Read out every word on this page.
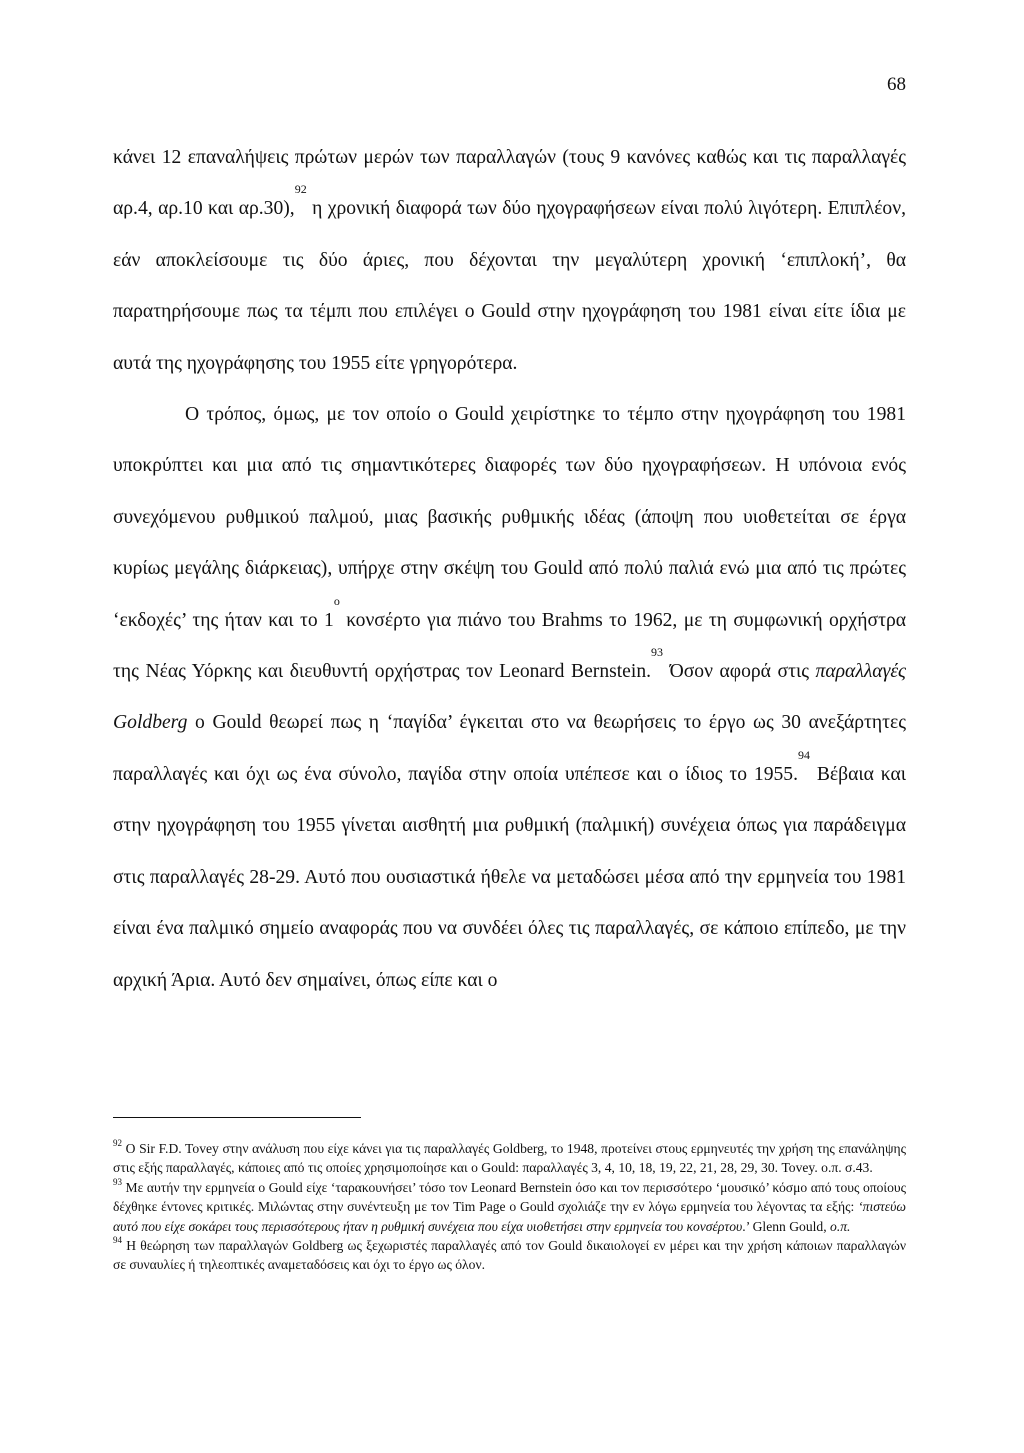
68

κάνει 12 επαναλήψεις πρώτων μερών των παραλλαγών (τους 9 κανόνες καθώς και τις παραλλαγές αρ.4, αρ.10 και αρ.30),$^{92}$ η χρονική διαφορά των δύο ηχογραφήσεων είναι πολύ λιγότερη. Επιπλέον, εάν αποκλείσουμε τις δύο άριες, που δέχονται την μεγαλύτερη χρονική ‘επιπλοκή’, θα παρατηρήσουμε πως τα τέμπι που επιλέγει ο Gould στην ηχογράφηση του 1981 είναι είτε ίδια με αυτά της ηχογράφησης του 1955 είτε γρηγορότερα.

Ο τρόπος, όμως, με τον οποίο ο Gould χειρίστηκε το τέμπο στην ηχογράφηση του 1981 υποκρύπτει και μια από τις σημαντικότερες διαφορές των δύο ηχογραφήσεων. Η υπόνοια ενός συνεχόμενου ρυθμικού παλμού, μιας βασικής ρυθμικής ιδέας (άποψη που υιοθετείται σε έργα κυρίως μεγάλης διάρκειας), υπήρχε στην σκέψη του Gould από πολύ παλιά ενώ μια από τις πρώτες ‘εκδοχές’ της ήταν και το $1^o$ κονσέρτο για πιάνο του Brahms το 1962, με τη συμφωνική ορχήστρα της Νέας Υόρκης και διευθυντή ορχήστρας τον Leonard Bernstein.$^{93}$ Όσον αφορά στις παραλλαγές Goldberg ο Gould θεωρεί πως η ‘παγίδα’ έγκειται στο να θεωρήσεις το έργο ως 30 ανεξάρτητες παραλλαγές και όχι ως ένα σύνολο, παγίδα στην οποία υπέπεσε και ο ίδιος το 1955.94 Βέβαια και στην ηχογράφηση του 1955 γίνεται αισθητή μια ρυθμική (παλμική) συνέχεια όπως για παράδειγμα στις παραλλαγές 28-29. Αυτό που ουσιαστικά ήθελε να μεταδώσει μέσα από την ερμηνεία του 1981 είναι ένα παλμικό σημείο αναφοράς που να συνδέει όλες τις παραλλαγές, σε κάποιο επίπεδο, με την αρχική Άρια. Αυτό δεν σημαίνει, όπως είπε και ο

$^{92}$ O Sir F.D. Tovey στην ανάλυση που είχε κάνει για τις παραλλαγές Goldberg, το 1948, προτείνει στους ερμηνευτές την χρήση της επανάληψης στις εξής παραλλαγές, κάποιες από τις οποίες χρησιμοποίησε και ο Gould: παραλλαγές 3, 4, 10, 18, 19, 22, 21, 28, 29, 30. Tovey. ο.π. σ.43.

$^{93}$ Με αυτήν την ερμηνεία ο Gould είχε ‘ταρακουνήσει’ τόσο τον Leonard Bernstein όσο και τον περισσότερο ‘μουσικό’ κόσμο από τους οποίους δέχθηκε έντονες κριτικές. Μιλώντας στην συνέντευξη με τον Tim Page ο Gould σχολιάζε την εν λόγω ερμηνεία του λέγοντας τα εξής: ‘πιστεύω αυτό που είχε σοκάρει τους περισσότερους ήταν η ρυθμική συνέχεια που είχα υιοθετήσει στην ερμηνεία του κονσέρτου.’ Glenn Gould, ο.π.

$^{94}$ Η θεώρηση των παραλλαγών Goldberg ως ξεχωριστές παραλλαγές από τον Gould δικαιολογεί εν μέρει και την χρήση κάποιων παραλλαγών σε συναυλίες ή τηλεοπτικές αναμεταδόσεις και όχι το έργο ως όλον.
